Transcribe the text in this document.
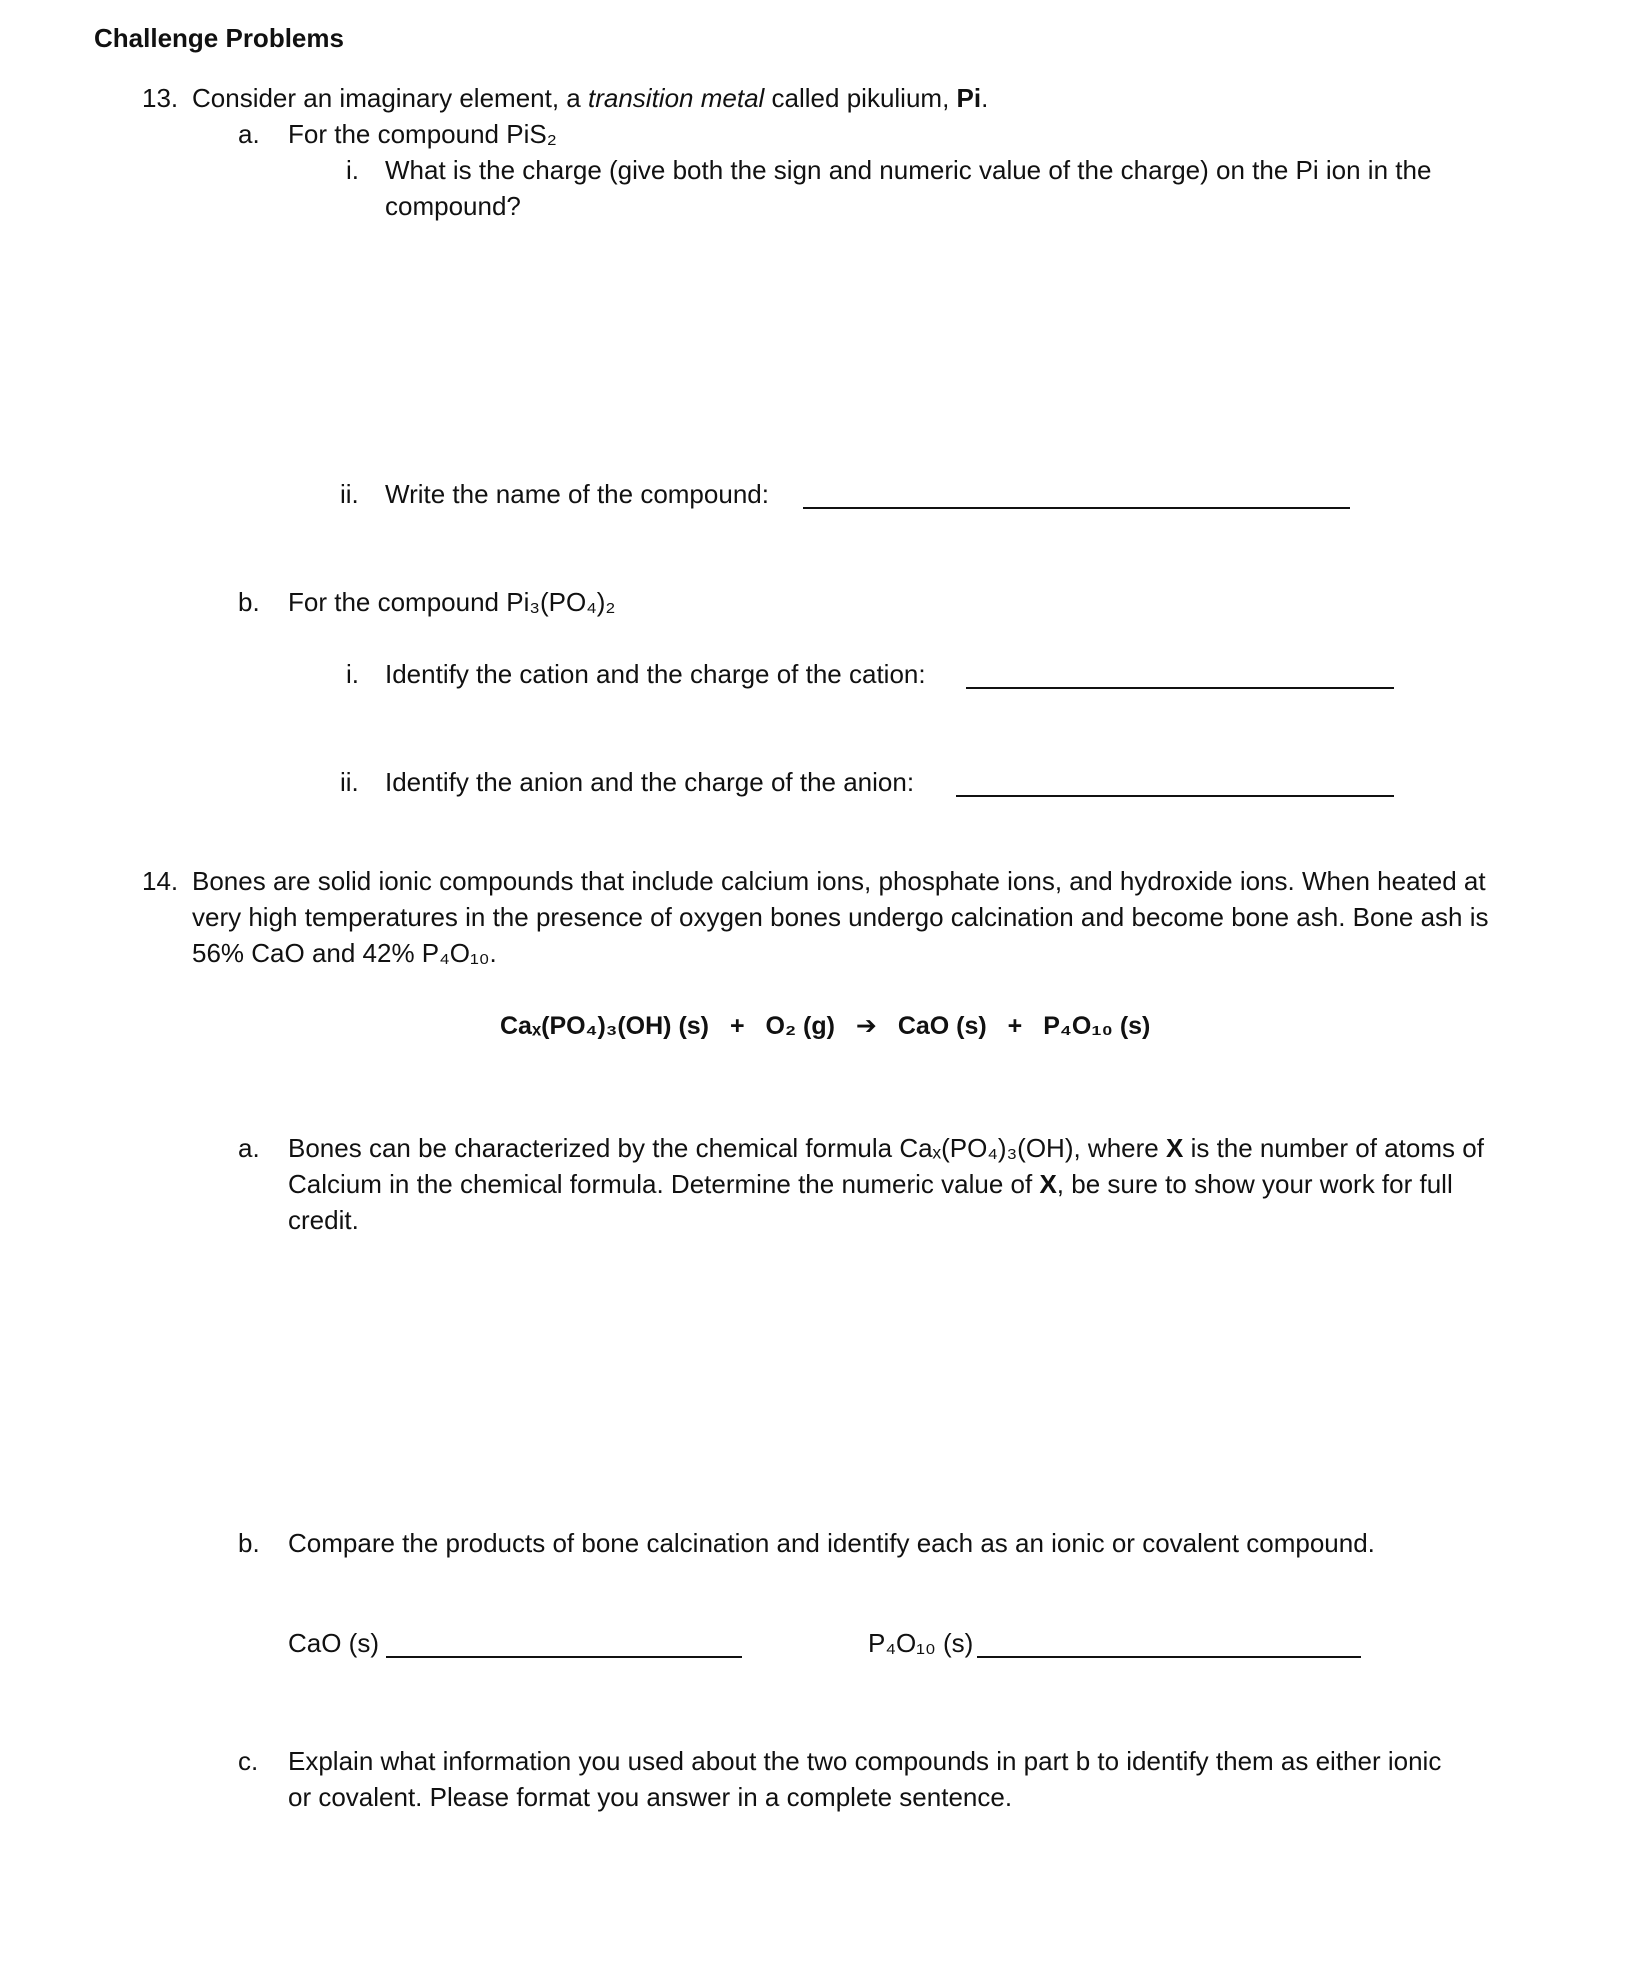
Challenge Problems
13. Consider an imaginary element, a transition metal called pikulium, Pi.
a. For the compound PiS₂
i. What is the charge (give both the sign and numeric value of the charge) on the Pi ion in the
compound?
ii. Write the name of the compound:
b. For the compound Pi₃(PO₄)₂
i. Identify the cation and the charge of the cation:
ii. Identify the anion and the charge of the anion:
14. Bones are solid ionic compounds that include calcium ions, phosphate ions, and hydroxide ions. When heated at
very high temperatures in the presence of oxygen bones undergo calcination and become bone ash. Bone ash is
56% CaO and 42% P₄O₁₀.
Caₓ(PO₄)₃(OH) (s) + O₂ (g) ➔ CaO (s) + P₄O₁₀ (s)
a. Bones can be characterized by the chemical formula Caₓ(PO₄)₃(OH), where X is the number of atoms of
Calcium in the chemical formula. Determine the numeric value of X, be sure to show your work for full
credit.
b. Compare the products of bone calcination and identify each as an ionic or covalent compound.
CaO (s)	P₄O₁₀ (s)
c. Explain what information you used about the two compounds in part b to identify them as either ionic
or covalent. Please format you answer in a complete sentence.
